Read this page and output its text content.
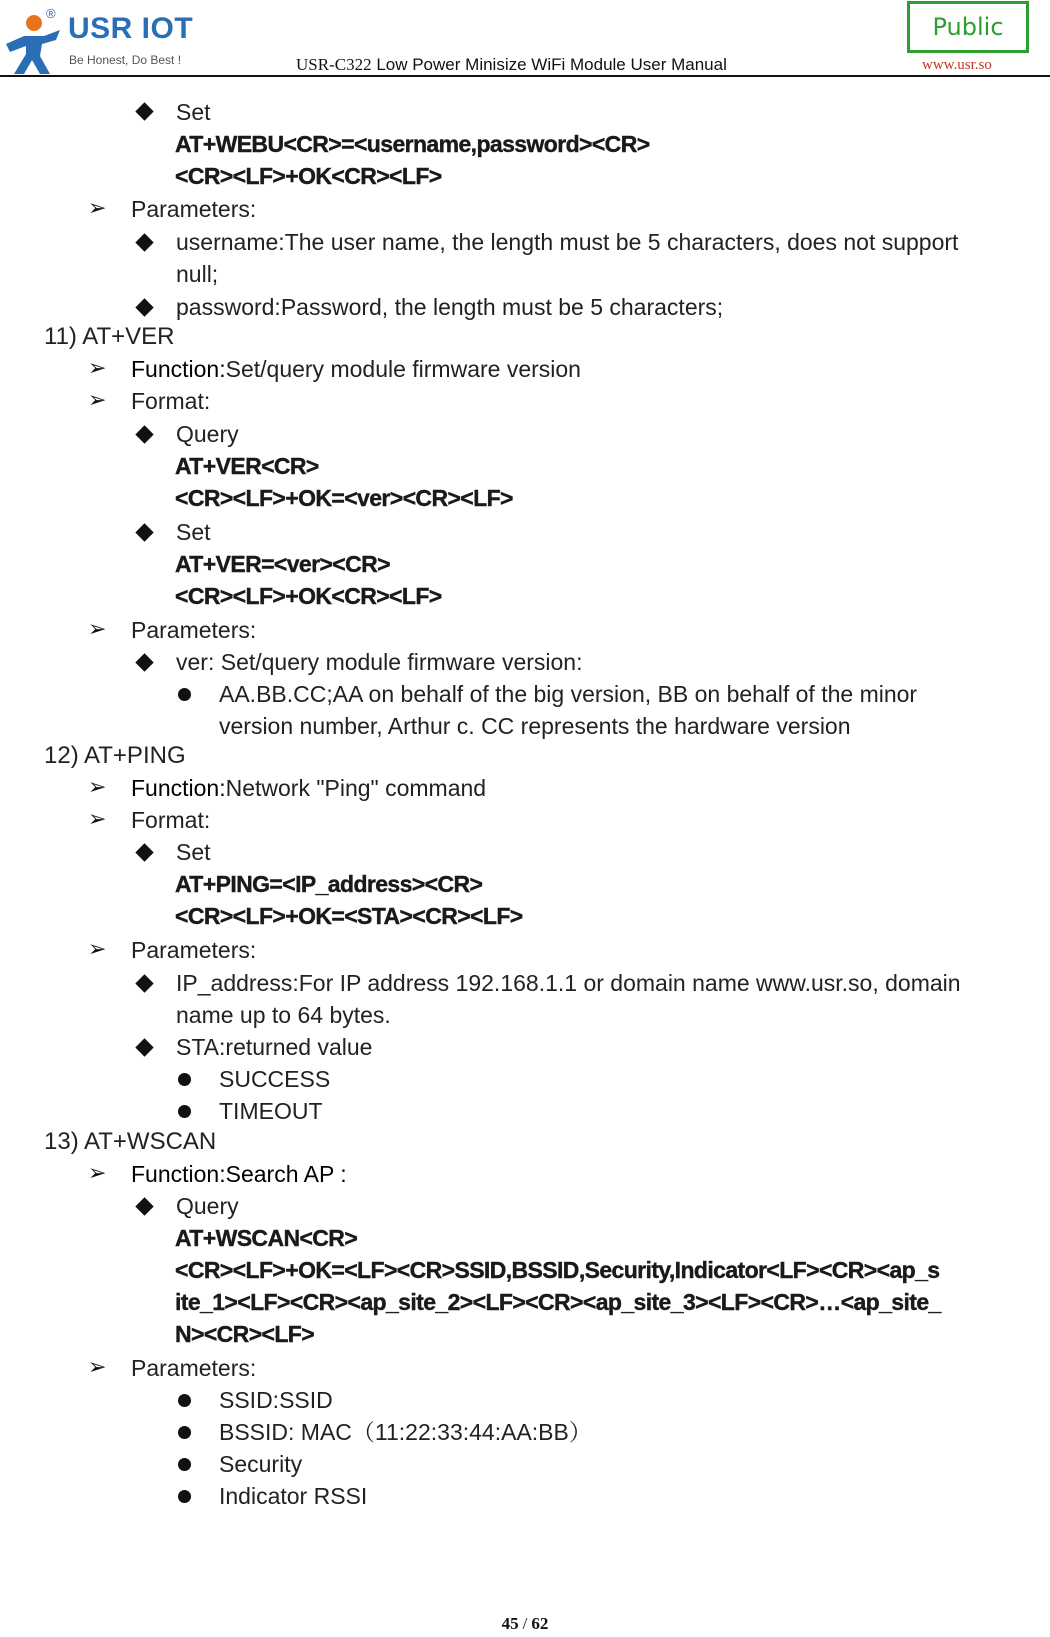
® USR IOT
Be Honest, Do Best !	USR-C322 Low Power Minisize WiFi Module User Manual
Public
www.usr.so
Set
AT+WEBU<CR>=<username,password><CR>
<CR><LF>+OK<CR><LF>
➢ Parameters:
username:The user name, the length must be 5 characters, does not support
null;
password:Password, the length must be 5 characters;
11) AT+VER
➢ Function:Set/query module firmware version
➢ Format:
Query
AT+VER<CR>
<CR><LF>+OK=<ver><CR><LF>
Set
AT+VER=<ver><CR>
<CR><LF>+OK<CR><LF>
➢ Parameters:
ver: Set/query module firmware version:
AA.BB.CC;AA on behalf of the big version, BB on behalf of the minor
version number, Arthur c. CC represents the hardware version
12) AT+PING
➢ Function:Network "Ping" command
➢ Format:
Set
AT+PING=<IP_address><CR>
<CR><LF>+OK=<STA><CR><LF>
➢ Parameters:
IP_address:For IP address 192.168.1.1 or domain name www.usr.so, domain
name up to 64 bytes.
STA:returned value
SUCCESS
TIMEOUT
13) AT+WSCAN
➢ Function:Search AP :
Query
AT+WSCAN<CR>
<CR><LF>+OK=<LF><CR>SSID,BSSID,Security,Indicator<LF><CR><ap_s
ite_1><LF><CR><ap_site_2><LF><CR><ap_site_3><LF><CR>…<ap_site_
N><CR><LF>
➢ Parameters:
SSID:SSID
BSSID: MAC（11:22:33:44:AA:BB）
Security
Indicator RSSI
45 / 62
